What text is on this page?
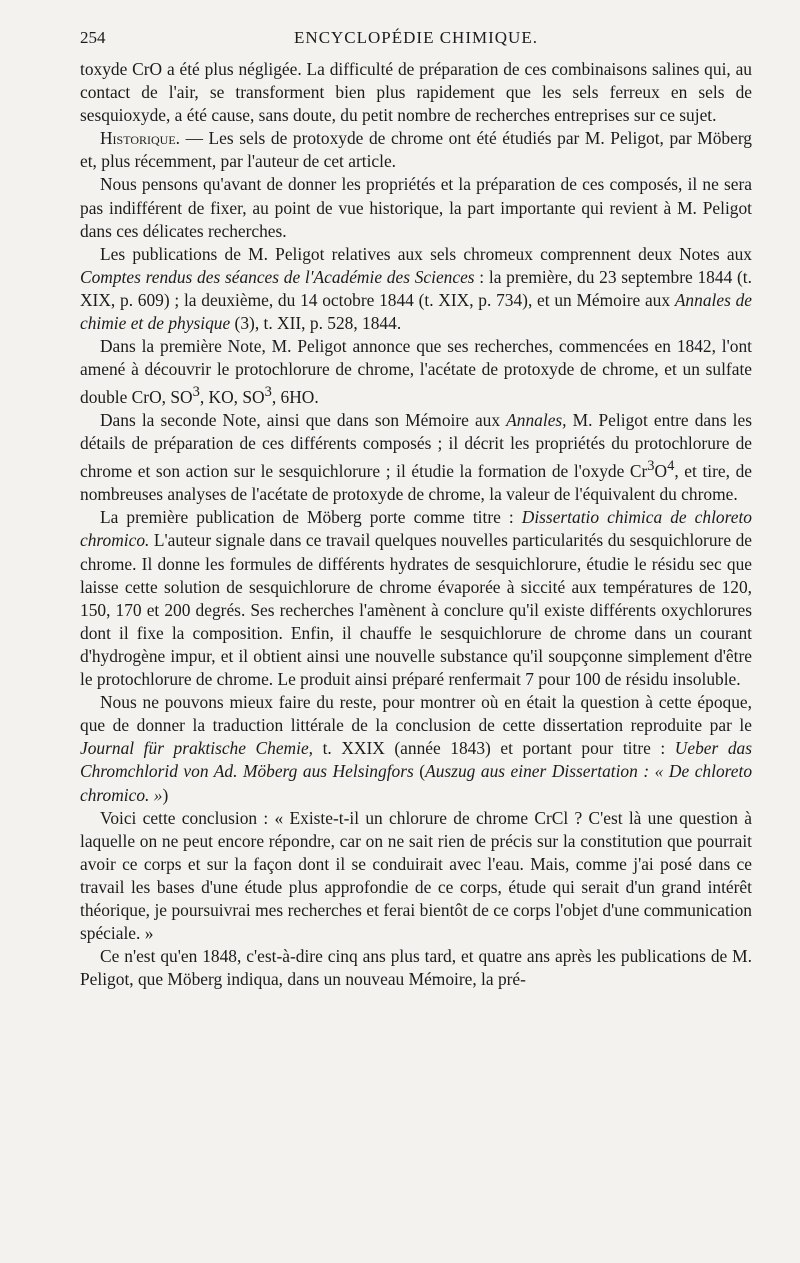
254	ENCYCLOPÉDIE CHIMIQUE.

toxyde CrO a été plus négligée. La difficulté de préparation de ces combinaisons salines qui, au contact de l'air, se transforment bien plus rapidement que les sels ferreux en sels de sesquioxyde, a été cause, sans doute, du petit nombre de recherches entreprises sur ce sujet.

Historique. — Les sels de protoxyde de chrome ont été étudiés par M. Peligot, par Möberg et, plus récemment, par l'auteur de cet article.

Nous pensons qu'avant de donner les propriétés et la préparation de ces composés, il ne sera pas indifférent de fixer, au point de vue historique, la part importante qui revient à M. Peligot dans ces délicates recherches.

Les publications de M. Peligot relatives aux sels chromeux comprennent deux Notes aux Comptes rendus des séances de l'Académie des Sciences : la première, du 23 septembre 1844 (t. XIX, p. 609) ; la deuxième, du 14 octobre 1844 (t. XIX, p. 734), et un Mémoire aux Annales de chimie et de physique (3), t. XII, p. 528, 1844.

Dans la première Note, M. Peligot annonce que ses recherches, commencées en 1842, l'ont amené à découvrir le protochlorure de chrome, l'acétate de protoxyde de chrome, et un sulfate double CrO, $SO^3$, KO, $SO^3$, 6HO.

Dans la seconde Note, ainsi que dans son Mémoire aux Annales, M. Peligot entre dans les détails de préparation de ces différents composés ; il décrit les propriétés du protochlorure de chrome et son action sur le sesquichlorure ; il étudie la formation de l'oxyde $Cr^3O^4$, et tire, de nombreuses analyses de l'acétate de protoxyde de chrome, la valeur de l'équivalent du chrome.

La première publication de Möberg porte comme titre : Dissertatio chimica de chloreto chromico. L'auteur signale dans ce travail quelques nouvelles particularités du sesquichlorure de chrome. Il donne les formules de différents hydrates de sesquichlorure, étudie le résidu sec que laisse cette solution de sesquichlorure de chrome évaporée à siccité aux températures de 120, 150, 170 et 200 degrés. Ses recherches l'amènent à conclure qu'il existe différents oxychlorures dont il fixe la composition. Enfin, il chauffe le sesquichlorure de chrome dans un courant d'hydrogène impur, et il obtient ainsi une nouvelle substance qu'il soupçonne simplement d'être le protochlorure de chrome. Le produit ainsi préparé renfermait 7 pour 100 de résidu insoluble.

Nous ne pouvons mieux faire du reste, pour montrer où en était la question à cette époque, que de donner la traduction littérale de la conclusion de cette dissertation reproduite par le Journal für praktische Chemie, t. XXIX (année 1843) et portant pour titre : Ueber das Chromchlorid von Ad. Möberg aus Helsingfors (Auszug aus einer Dissertation : « De chloreto chromico. »)

Voici cette conclusion : « Existe-t-il un chlorure de chrome CrCl ? C'est là une question à laquelle on ne peut encore répondre, car on ne sait rien de précis sur la constitution que pourrait avoir ce corps et sur la façon dont il se conduirait avec l'eau. Mais, comme j'ai posé dans ce travail les bases d'une étude plus approfondie de ce corps, étude qui serait d'un grand intérêt théorique, je poursuivrai mes recherches et ferai bientôt de ce corps l'objet d'une communication spéciale. »

Ce n'est qu'en 1848, c'est-à-dire cinq ans plus tard, et quatre ans après les publications de M. Peligot, que Möberg indiqua, dans un nouveau Mémoire, la pré-
